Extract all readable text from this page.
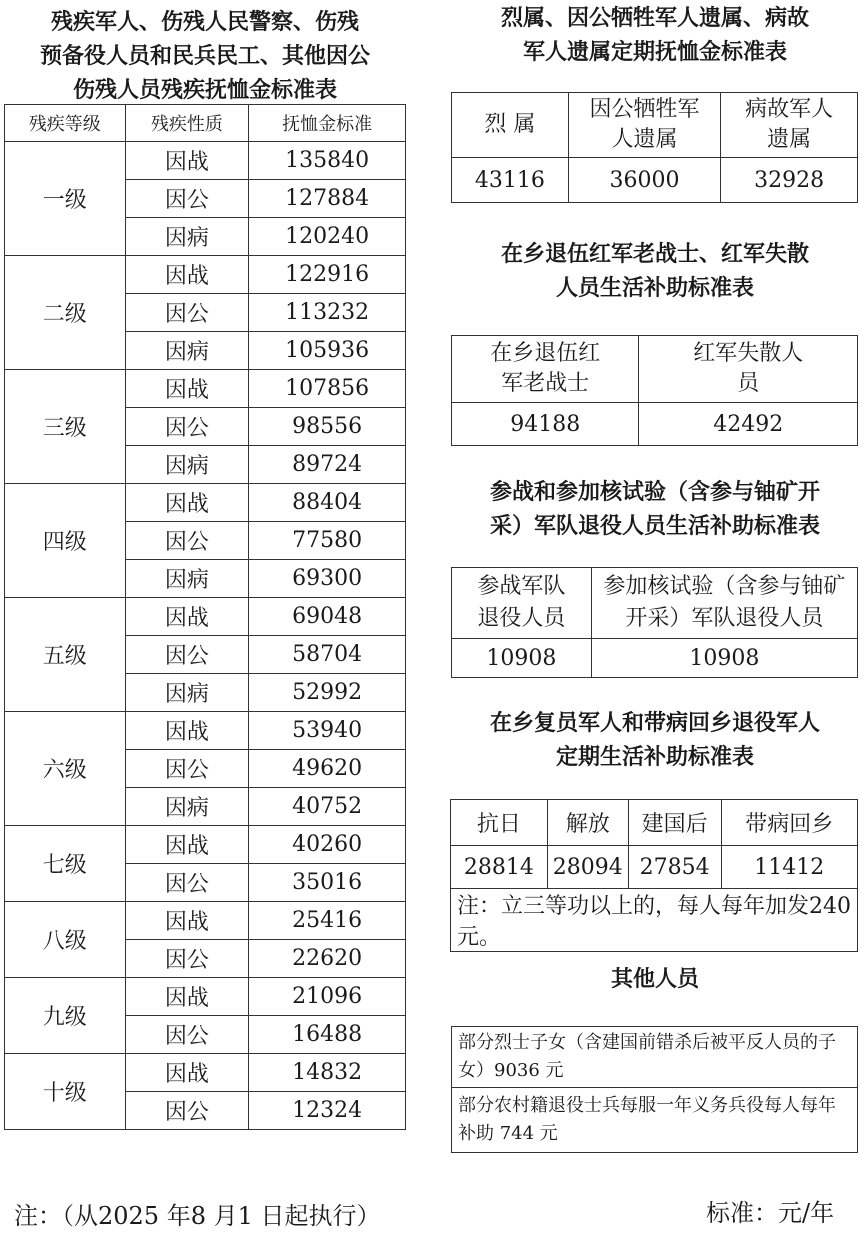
残疾军人、伤残人民警察、伤残
预备役人员和民兵民工、其他因公
伤残人员残疾抚恤金标准表
残疾等级	残疾性质	抚恤金标准
一级	因战	135840
	因公	127884
	因病	120240
二级	因战	122916
	因公	113232
	因病	105936
三级	因战	107856
	因公	98556
	因病	89724
四级	因战	88404
	因公	77580
	因病	69300
五级	因战	69048
	因公	58704
	因病	52992
六级	因战	53940
	因公	49620
	因病	40752
七级	因战	40260
	因公	35016
八级	因战	25416
	因公	22620
九级	因战	21096
	因公	16488
十级	因战	14832
	因公	12324
烈属、因公牺牲军人遗属、病故
军人遗属定期抚恤金标准表
烈 属	因公牺牲军人遗属	病故军人遗属
43116	36000	32928
在乡退伍红军老战士、红军失散
人员生活补助标准表
在乡退伍红军老战士	红军失散人员
94188	42492
参战和参加核试验（含参与铀矿开
采）军队退役人员生活补助标准表
参战军队退役人员	参加核试验（含参与铀矿开采）军队退役人员
10908	10908
在乡复员军人和带病回乡退役军人
定期生活补助标准表
抗日	解放	建国后	带病回乡
28814	28094	27854	11412
注：立三等功以上的，每人每年加发240元。			
其他人员
部分烈士子女（含建国前错杀后被平反人员的子女）9036 元
部分农村籍退役士兵每服一年义务兵役每人每年补助 744 元
注：（从2025 年8 月1 日起执行）	标准：元/年
